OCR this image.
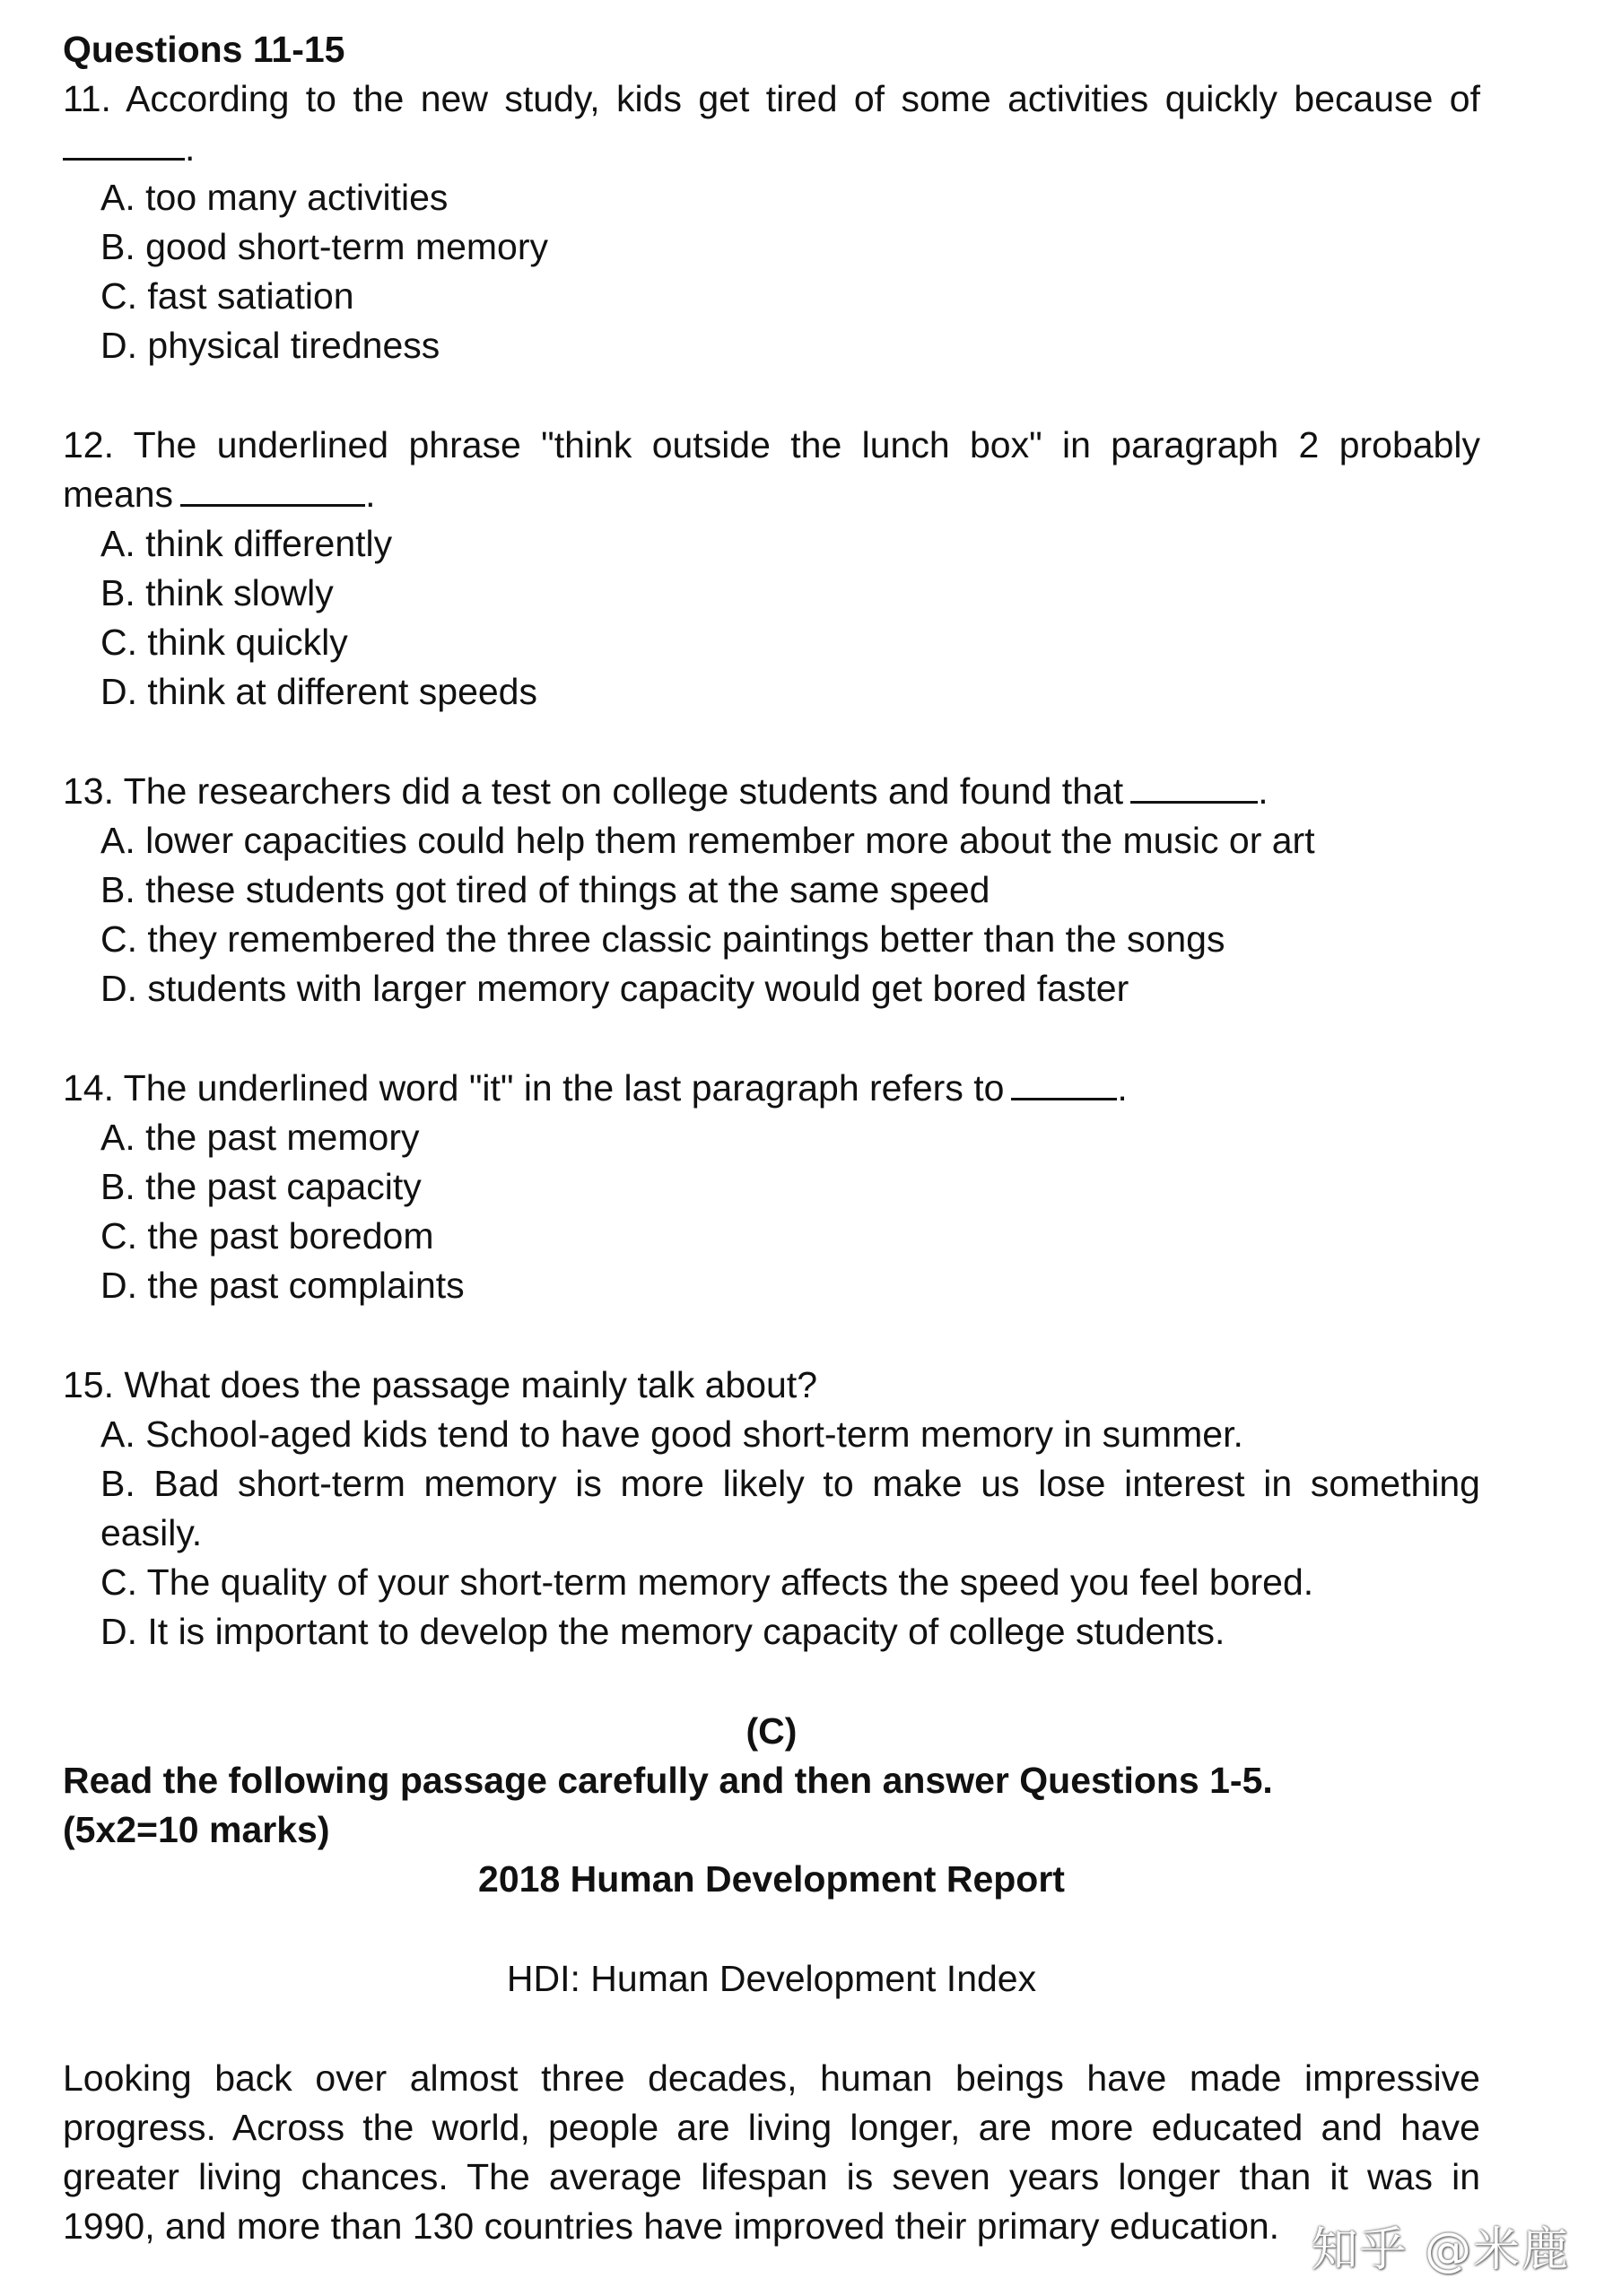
Questions 11-15
11. According to the new study, kids get tired of some activities quickly because of
.
A. too many activities
B. good short-term memory
C. fast satiation
D. physical tiredness
12. The underlined phrase "think outside the lunch box" in paragraph 2 probably
means	.
A. think differently
B. think slowly
C. think quickly
D. think at different speeds
13. The researchers did a test on college students and found that	.
A. lower capacities could help them remember more about the music or art
B. these students got tired of things at the same speed
C. they remembered the three classic paintings better than the songs
D. students with larger memory capacity would get bored faster
14. The underlined word "it" in the last paragraph refers to	.
A. the past memory
B. the past capacity
C. the past boredom
D. the past complaints
15. What does the passage mainly talk about?
A. School-aged kids tend to have good short-term memory in summer.
B. Bad short-term memory is more likely to make us lose interest in something
easily.
C. The quality of your short-term memory affects the speed you feel bored.
D. It is important to develop the memory capacity of college students.
(C)
Read the following passage carefully and then answer Questions 1-5.
(5x2=10 marks)
2018 Human Development Report
HDI: Human Development Index
Looking back over almost three decades, human beings have made impressive
progress. Across the world, people are living longer, are more educated and have
greater living chances. The average lifespan is seven years longer than it was in
1990, and more than 130 countries have improved their primary education. 知乎 @米鹿
